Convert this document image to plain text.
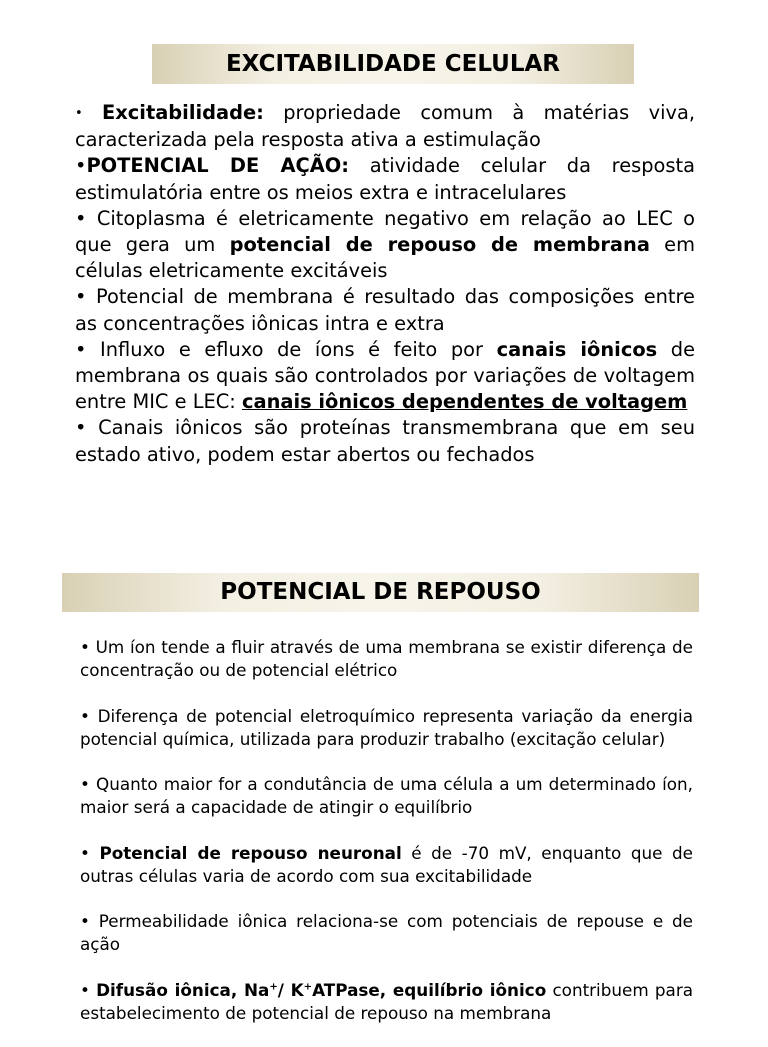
EXCITABILIDADE CELULAR

• Excitabilidade: propriedade comum à matérias viva, caracterizada pela resposta ativa a estimulação

•POTENCIAL DE AÇÃO: atividade celular da resposta estimulatória entre os meios extra e intracelulares

• Citoplasma é eletricamente negativo em relação ao LEC o que gera um potencial de repouso de membrana em células eletricamente excitáveis

• Potencial de membrana é resultado das composições entre as concentrações iônicas intra e extra

• Influxo e efluxo de íons é feito por canais iônicos de membrana os quais são controlados por variações de voltagem entre MIC e LEC: canais iônicos dependentes de voltagem

• Canais iônicos são proteínas transmembrana que em seu estado ativo, podem estar abertos ou fechados

POTENCIAL DE REPOUSO

• Um íon tende a fluir através de uma membrana se existir diferença de concentração ou de potencial elétrico

• Diferença de potencial eletroquímico representa variação da energia potencial química, utilizada para produzir trabalho (excitação celular)

• Quanto maior for a condutância de uma célula a um determinado íon, maior será a capacidade de atingir o equilíbrio

• Potencial de repouso neuronal é de -70 mV, enquanto que de outras células varia de acordo com sua excitabilidade

• Permeabilidade iônica relaciona-se com potenciais de repouse e de ação

• Difusão iônica, Na+/ K+ATPase, equilíbrio iônico contribuem para estabelecimento de potencial de repouso na membrana
